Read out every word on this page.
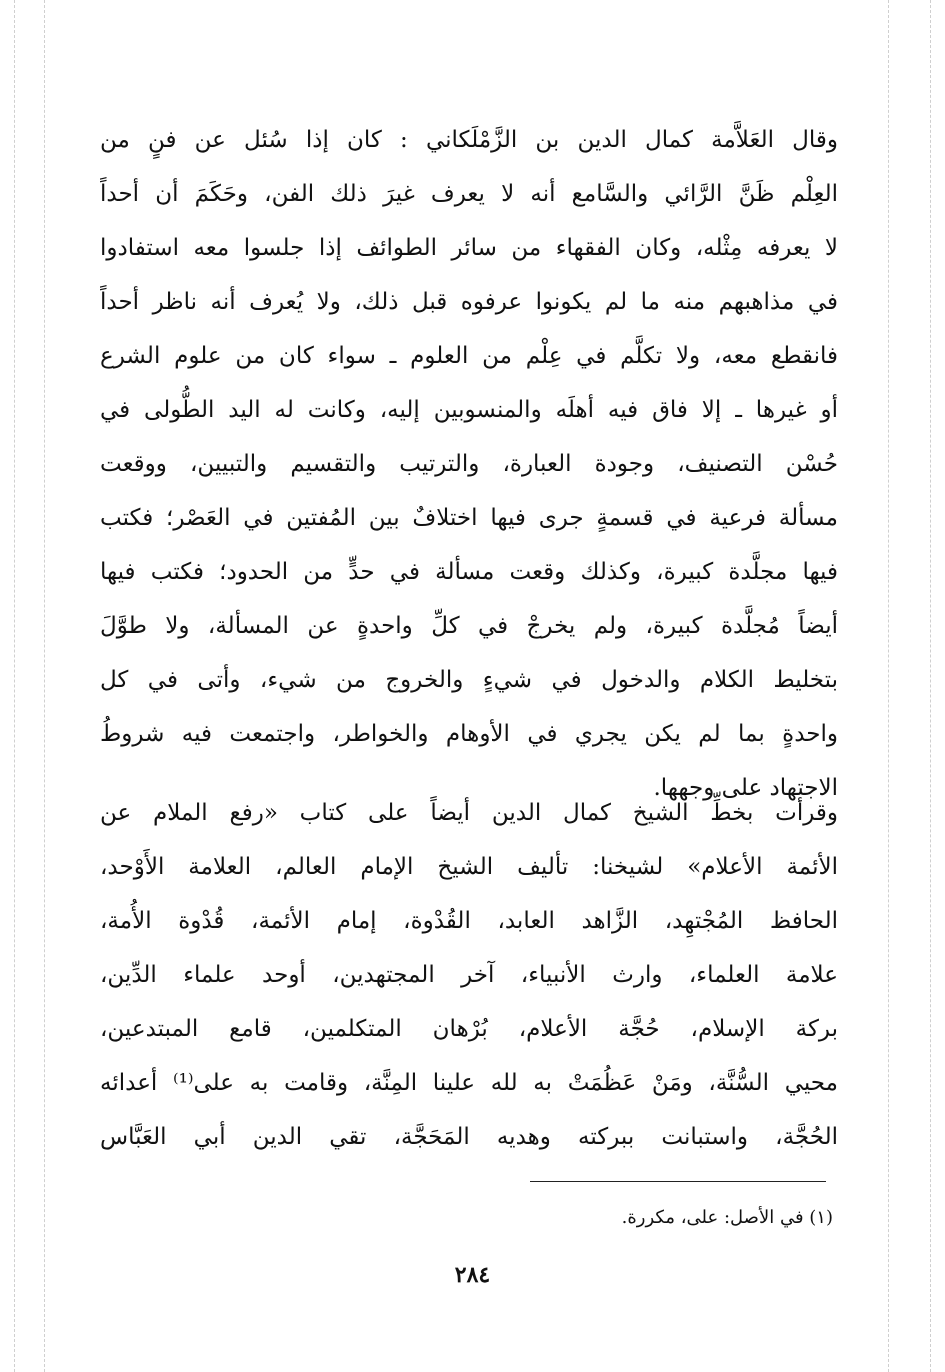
وقال العَلاَّمة كمال الدين بن الزَّمْلَكاني : كان إذا سُئل عن فنٍ من
العِلْم ظَنَّ الرَّائي والسَّامع أنه لا يعرف غيرَ ذلك الفن، وحَكَمَ أن أحداً
لا يعرفه مِثْله، وكان الفقهاء من سائر الطوائف إذا جلسوا معه استفادوا
في مذاهبهم منه ما لم يكونوا عرفوه قبل ذلك، ولا يُعرف أنه ناظر أحداً
فانقطع معه، ولا تكلَّم في عِلْم من العلوم ـ سواء كان من علوم الشرع
أو غيرها ـ إلا فاق فيه أهلَه والمنسوبين إليه، وكانت له اليد الطُّولى في
حُسْن التصنيف، وجودة العبارة، والترتيب والتقسيم والتبيين، ووقعت
مسألة فرعية في قسمةٍ جرى فيها اختلافٌ بين المُفتين في العَصْر؛ فكتب
فيها مجلَّدة كبيرة، وكذلك وقعت مسألة في حدٍّ من الحدود؛ فكتب فيها
أيضاً مُجلَّدة كبيرة، ولم يخرجْ في كلِّ واحدةٍ عن المسألة، ولا طوَّلَ
بتخليط الكلام والدخول في شيءٍ والخروج من شيء، وأتى في كل
واحدةٍ بما لم يكن يجري في الأوهام والخواطر، واجتمعت فيه شروطُ
الاجتهاد على وجهها.
وقرأت بخطِّ الشيخ كمال الدين أيضاً على كتاب «رفع الملام عن
الأئمة الأعلام» لشيخنا: تأليف الشيخ الإمام العالم، العلامة الأَوْحد،
الحافظ المُجْتهِد، الزَّاهد العابد، القُدْوة، إمام الأئمة، قُدْوة الأُمة،
علامة العلماء، وارث الأنبياء، آخر المجتهدين، أوحد علماء الدِّين،
بركة الإسلام، حُجَّة الأعلام، بُرْهان المتكلمين، قامع المبتدعين،
محيي السُّنَّة، ومَنْ عَظُمَتْ به لله علينا المِنَّة، وقامت به على⁽¹⁾ أعدائه
الحُجَّة، واستبانت ببركته وهديه المَحَجَّة، تقي الدين أبي العَبَّاس
(١) في الأصل: على، مكررة.
٢٨٤
